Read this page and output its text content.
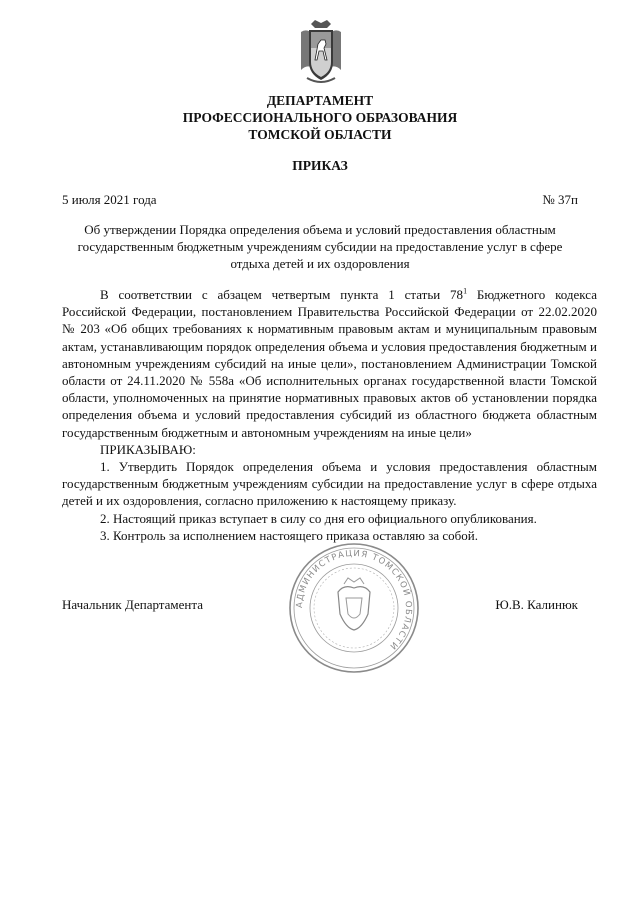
ДЕПАРТАМЕНТ
ПРОФЕССИОНАЛЬНОГО ОБРАЗОВАНИЯ
ТОМСКОЙ ОБЛАСТИ
ПРИКАЗ
5 июля 2021 года	№ 37п
Об утверждении Порядка определения объема и условий предоставления областным государственным бюджетным учреждениям субсидии на предоставление услуг в сфере отдыха детей и их оздоровления

В соответствии с абзацем четвертым пункта 1 статьи $78^1$ Бюджетного кодекса Российской Федерации, постановлением Правительства Российской Федерации от 22.02.2020 № 203 «Об общих требованиях к нормативным правовым актам и муниципальным правовым актам, устанавливающим порядок определения объема и условия предоставления бюджетным и автономным учреждениям субсидий на иные цели», постановлением Администрации Томской области от 24.11.2020 № 558а «Об исполнительных органах государственной власти Томской области, уполномоченных на принятие нормативных правовых актов об установлении порядка определения объема и условий предоставления субсидий из областного бюджета областным государственным бюджетным и автономным учреждениям на иные цели»

ПРИКАЗЫВАЮ:

1. Утвердить Порядок определения объема и условия предоставления областным государственным бюджетным учреждениям субсидии на предоставление услуг в сфере отдыха детей и их оздоровления, согласно приложению к настоящему приказу.

2. Настоящий приказ вступает в силу со дня его официального опубликования.

3. Контроль за исполнением настоящего приказа оставляю за собой.

АДМИНИСТРАЦИЯ ТОМСКОЙ ОБЛАСТИ
Начальник Департамента	Ю.В. Калинюк
